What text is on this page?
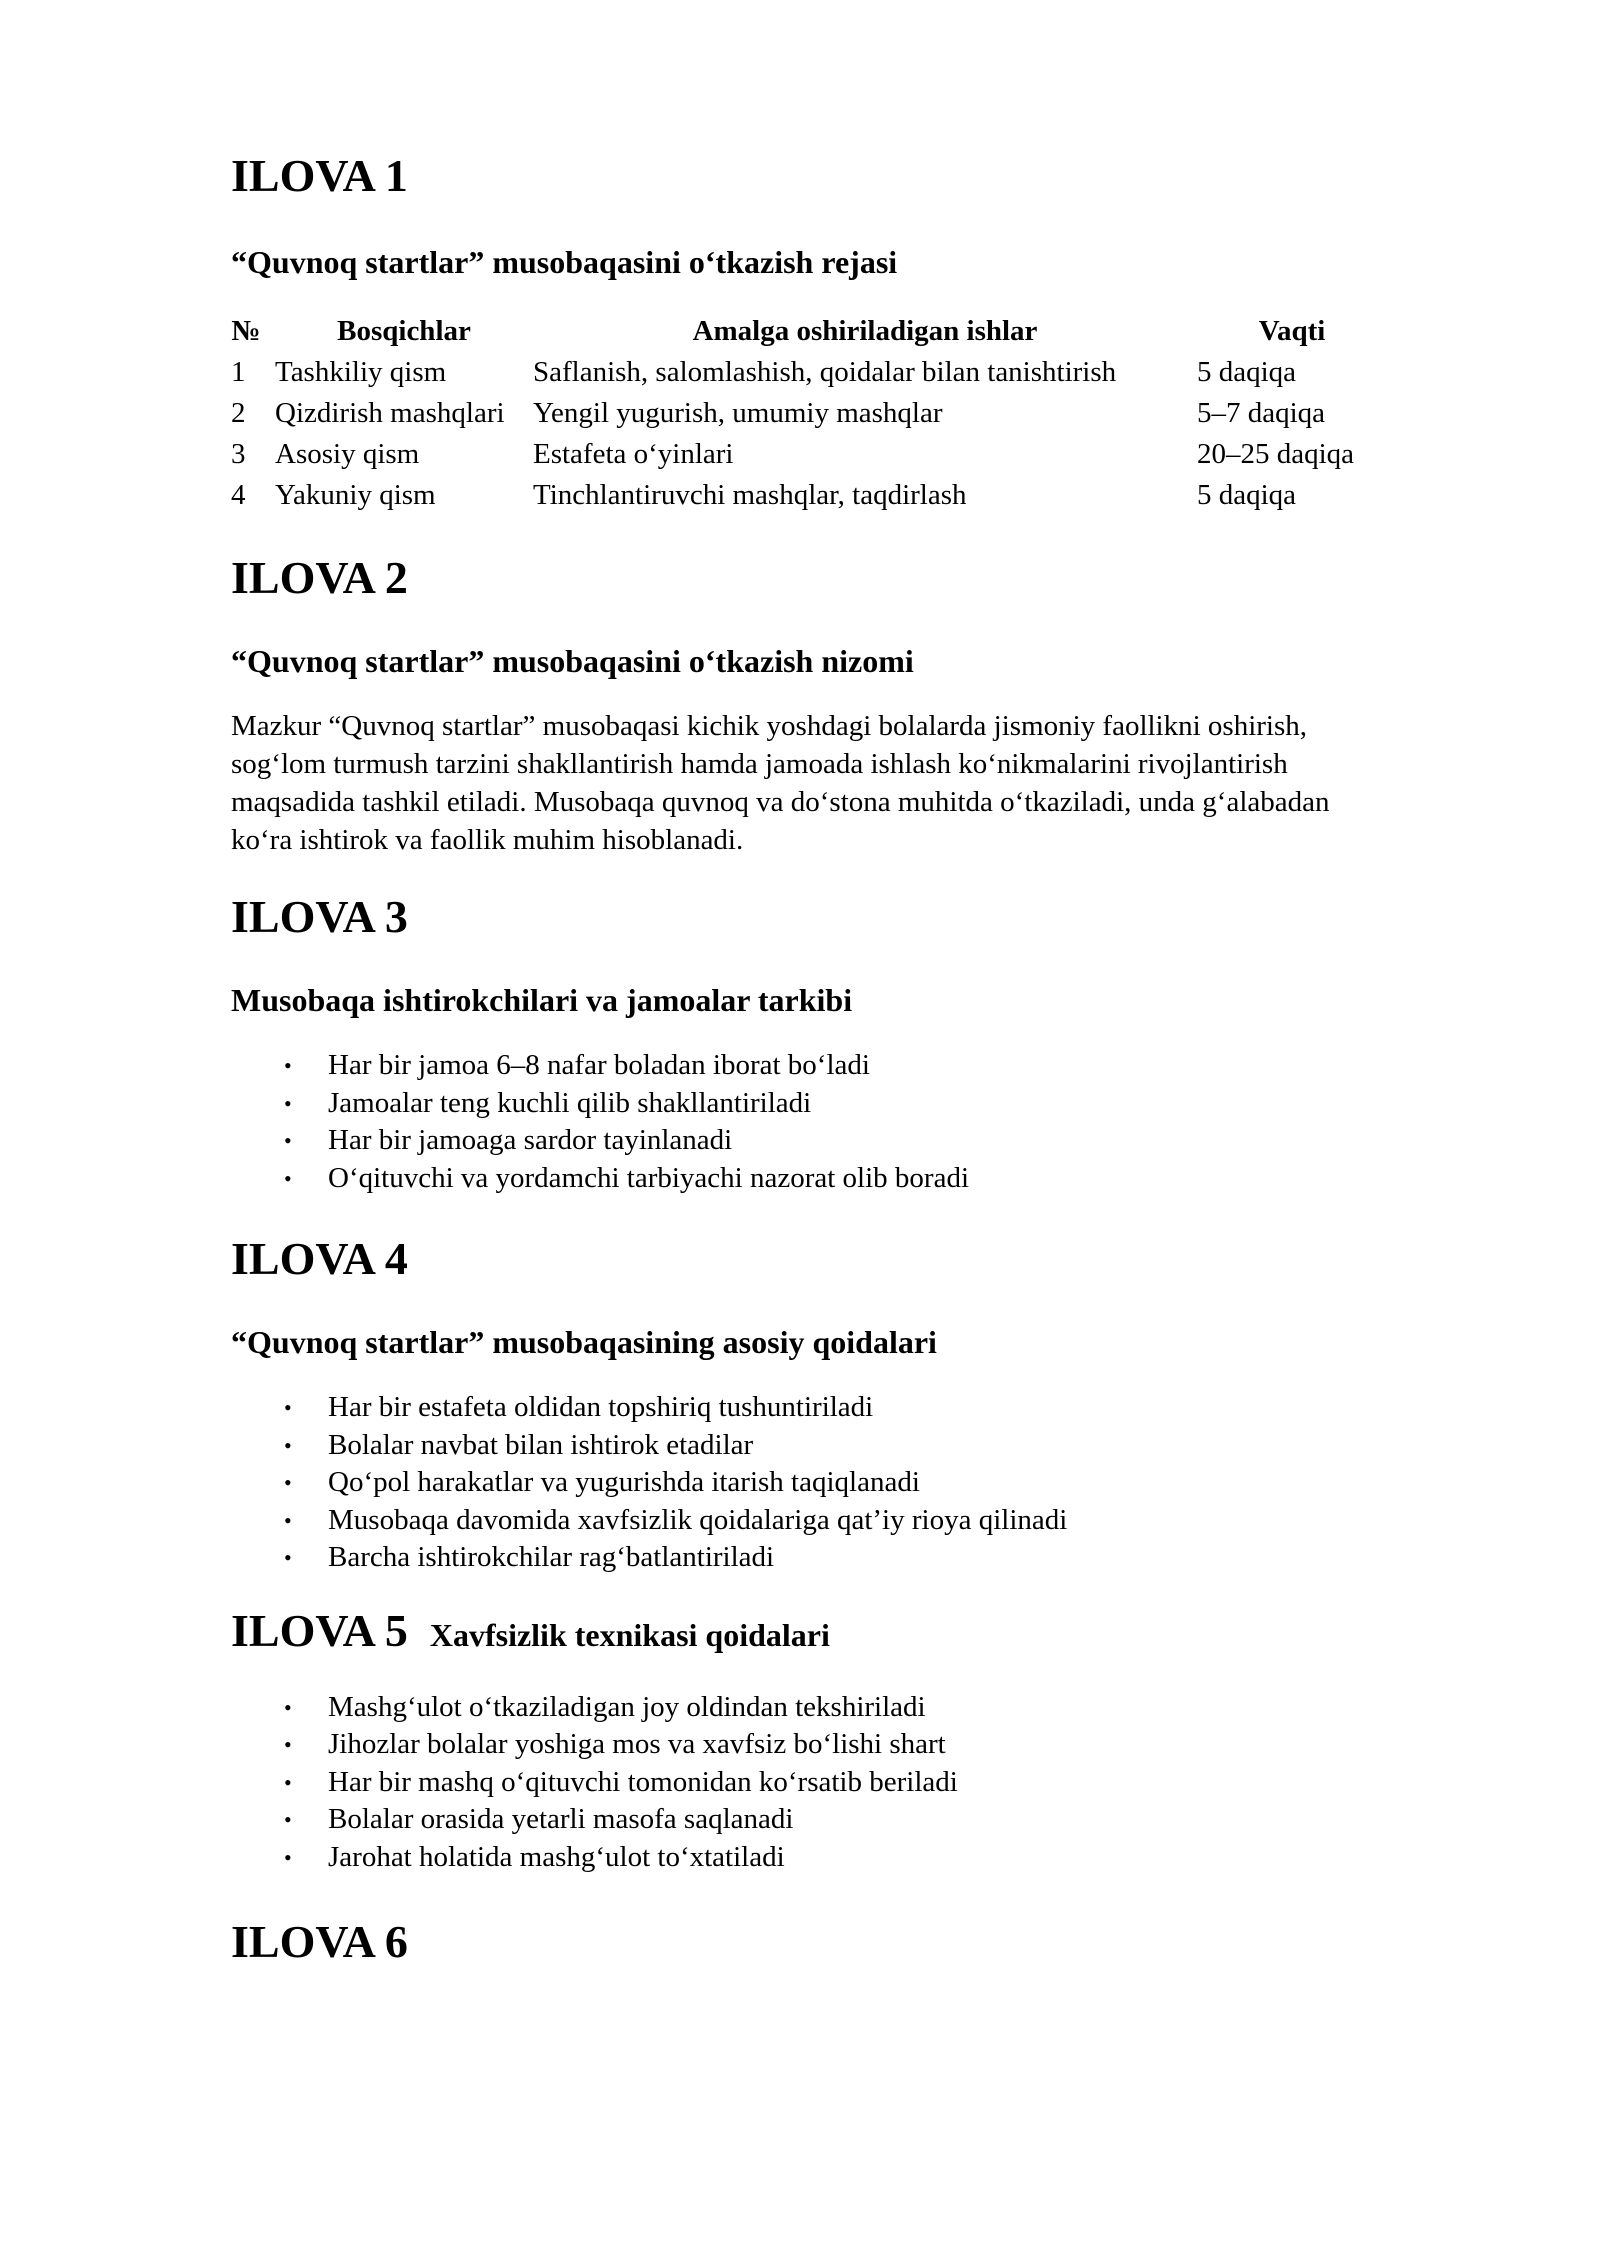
ILOVA 1
“Quvnoq startlar” musobaqasini o‘tkazish rejasi
№	Bosqichlar	Amalga oshiriladigan ishlar	Vaqti
1	Tashkiliy qism	Saflanish, salomlashish, qoidalar bilan tanishtirish	5 daqiqa
2	Qizdirish mashqlari	Yengil yugurish, umumiy mashqlar	5–7 daqiqa
3	Asosiy qism	Estafeta o‘yinlari	20–25 daqiqa
4	Yakuniy qism	Tinchlantiruvchi mashqlar, taqdirlash	5 daqiqa
ILOVA 2
“Quvnoq startlar” musobaqasini o‘tkazish nizomi
Mazkur “Quvnoq startlar” musobaqasi kichik yoshdagi bolalarda jismoniy faollikni oshirish,
sog‘lom turmush tarzini shakllantirish hamda jamoada ishlash ko‘nikmalarini rivojlantirish
maqsadida tashkil etiladi. Musobaqa quvnoq va do‘stona muhitda o‘tkaziladi, unda g‘alabadan
ko‘ra ishtirok va faollik muhim hisoblanadi.
ILOVA 3
Musobaqa ishtirokchilari va jamoalar tarkibi
• Har bir jamoa 6–8 nafar boladan iborat bo‘ladi
• Jamoalar teng kuchli qilib shakllantiriladi
• Har bir jamoaga sardor tayinlanadi
• O‘qituvchi va yordamchi tarbiyachi nazorat olib boradi
ILOVA 4
“Quvnoq startlar” musobaqasining asosiy qoidalari
• Har bir estafeta oldidan topshiriq tushuntiriladi
• Bolalar navbat bilan ishtirok etadilar
• Qo‘pol harakatlar va yugurishda itarish taqiqlanadi
• Musobaqa davomida xavfsizlik qoidalariga qat’iy rioya qilinadi
• Barcha ishtirokchilar rag‘batlantiriladi
ILOVA 5 Xavfsizlik texnikasi qoidalari
• Mashg‘ulot o‘tkaziladigan joy oldindan tekshiriladi
• Jihozlar bolalar yoshiga mos va xavfsiz bo‘lishi shart
• Har bir mashq o‘qituvchi tomonidan ko‘rsatib beriladi
• Bolalar orasida yetarli masofa saqlanadi
• Jarohat holatida mashg‘ulot to‘xtatiladi
ILOVA 6
